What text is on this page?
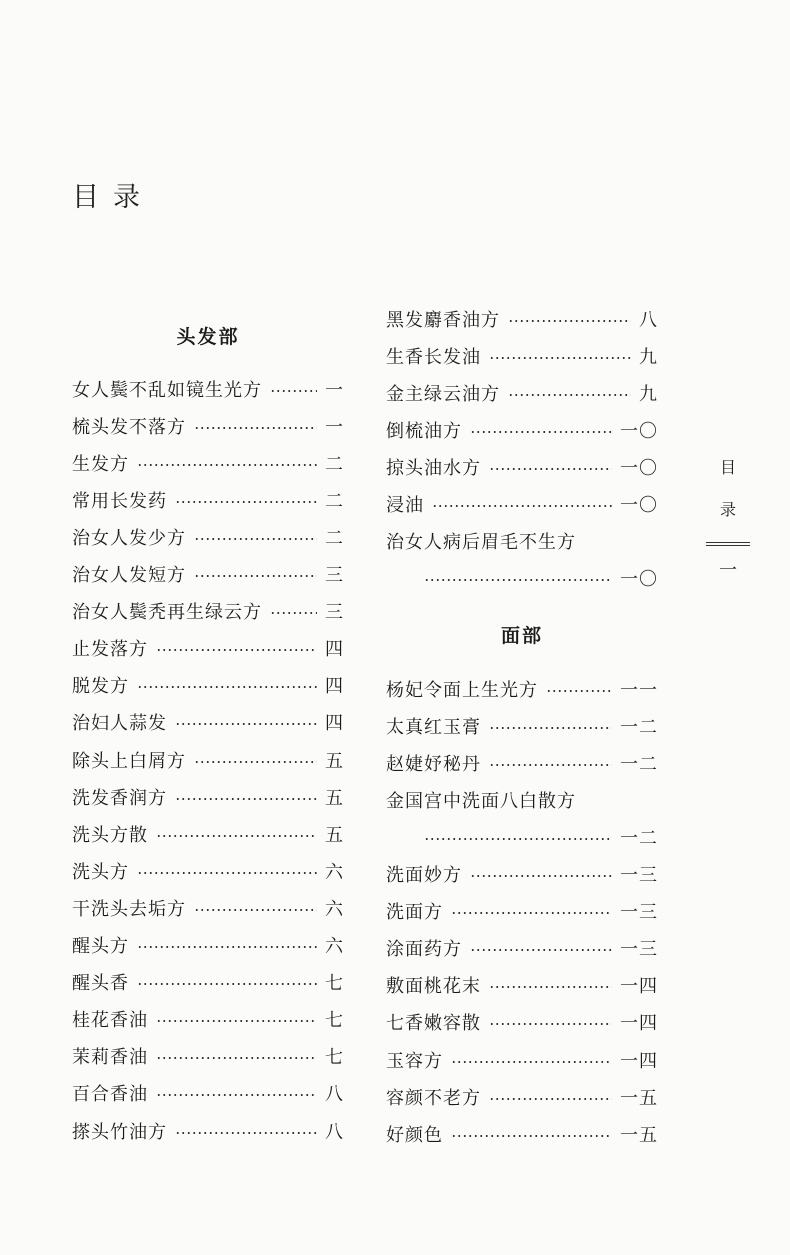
目录
头发部
女人鬓不乱如镜生光方	一
梳头发不落方	一
生发方	二
常用长发药	二
治女人发少方	二
治女人发短方	三
治女人鬓秃再生绿云方	三
止发落方	四
脱发方	四
治妇人蒜发	四
除头上白屑方	五
洗发香润方	五
洗头方散	五
洗头方	六
干洗头去垢方	六
醒头方	六
醒头香	七
桂花香油	七
茉莉香油	七
百合香油	八
搽头竹油方	八
黑发麝香油方	八
生香长发油	九
金主绿云油方	九
倒梳油方	一〇
掠头油水方	一〇
浸油	一〇
治女人病后眉毛不生方
一〇
面部
杨妃令面上生光方	一一
太真红玉膏	一二
赵婕妤秘丹	一二
金国宫中洗面八白散方
一二
洗面妙方	一三
洗面方	一三
涂面药方	一三
敷面桃花末	一四
七香嫩容散	一四
玉容方	一四
容颜不老方	一五
好颜色	一五
目
录
一
